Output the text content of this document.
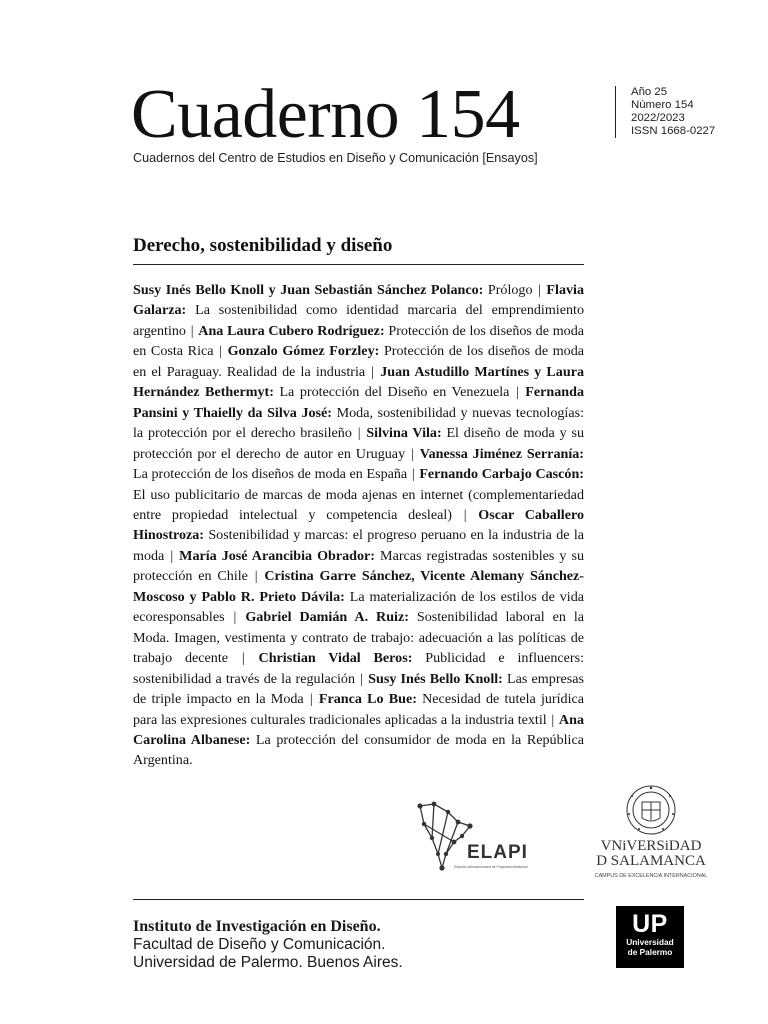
Cuaderno 154
Cuadernos del Centro de Estudios en Diseño y Comunicación [Ensayos]
Año 25
Número 154
2022/2023
ISSN 1668-0227
Derecho, sostenibilidad y diseño
Susy Inés Bello Knoll y Juan Sebastián Sánchez Polanco: Prólogo | Flavia Galarza: La sostenibilidad como identidad marcaria del emprendimiento argentino | Ana Laura Cubero Rodríguez: Protección de los diseños de moda en Costa Rica | Gonzalo Gómez Forzley: Protección de los diseños de moda en el Paraguay. Realidad de la industria | Juan Astudillo Martínes y Laura Hernández Bethermyt: La protección del Diseño en Venezuela | Fernanda Pansini y Thaielly da Silva José: Moda, sostenibilidad y nuevas tecnologías: la protección por el derecho brasileño | Silvina Vila: El diseño de moda y su protección por el derecho de autor en Uruguay | Vanessa Jiménez Serranía: La protección de los diseños de moda en España | Fernando Carbajo Cascón: El uso publicitario de marcas de moda ajenas en internet (complementariedad entre propiedad intelectual y competencia desleal) | Oscar Caballero Hinostroza: Sostenibilidad y marcas: el progreso peruano en la industria de la moda | María José Arancibia Obrador: Marcas registradas sostenibles y su protección en Chile | Cristina Garre Sánchez, Vicente Alemany Sánchez-Moscoso y Pablo R. Prieto Dávila: La materialización de los estilos de vida ecoresponsables | Gabriel Damián A. Ruiz: Sostenibilidad laboral en la Moda. Imagen, vestimenta y contrato de trabajo: adecuación a las políticas de trabajo decente | Christian Vidal Beros: Publicidad e influencers: sostenibilidad a través de la regulación | Susy Inés Bello Knoll: Las empresas de triple impacto en la Moda | Franca Lo Bue: Necesidad de tutela jurídica para las expresiones culturales tradicionales aplicadas a la industria textil | Ana Carolina Albanese: La protección del consumidor de moda en la República Argentina.
ELAPI
Escuela Latinoamericana de Propiedad Intelectual
VNiVERSiDAD
D SALAMANCA
CAMPUS DE EXCELENCIA INTERNACIONAL
Instituto de Investigación en Diseño.
Facultad de Diseño y Comunicación.
Universidad de Palermo. Buenos Aires.
UP
Universidad
de Palermo
